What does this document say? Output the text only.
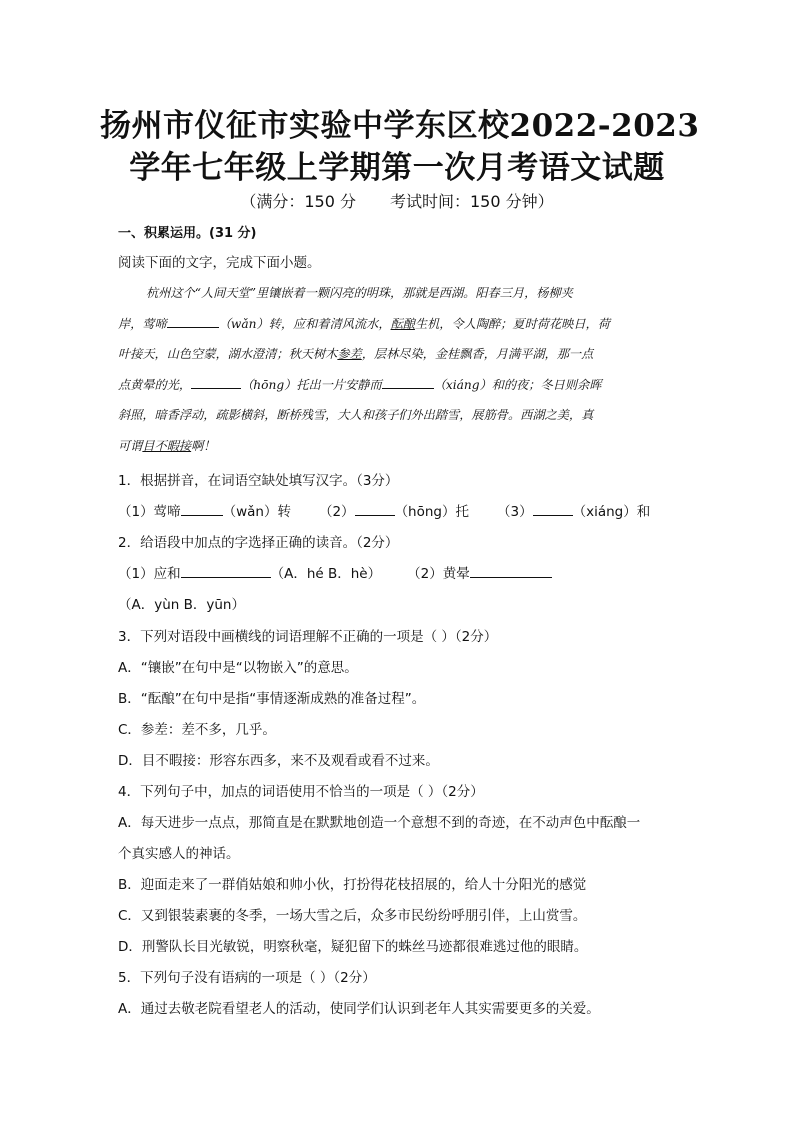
扬州市仪征市实验中学东区校2022-2023
学年七年级上学期第一次月考语文试题
（满分：150 分 考试时间：150 分钟）
一、积累运用。(31 分)
阅读下面的文字，完成下面小题。
杭州这个“人间天堂”里镶嵌着一颗闪亮的明珠，那就是西湖。阳春三月，杨柳夹
岸，莺啼	（wǎn）转，应和着清风流水，酝酿生机，令人陶醉；夏时荷花映日，荷
叶接天，山色空蒙，湖水澄清；秋天树木参差，层林尽染，金桂飘香，月满平湖，那一点
点黄晕的光，	（hōng）托出一片安静而	（xiáng）和的夜；冬日则余晖
斜照，暗香浮动，疏影横斜，断桥残雪，大人和孩子们外出踏雪，展筋骨。西湖之美，真
可谓目不暇接啊！
1．根据拼音，在词语空缺处填写汉字。（3分）
（1）莺啼	（wǎn）转 （2）	（hōng）托 （3）	（xiáng）和
2．给语段中加点的字选择正确的读音。（2分）
（1）应和	（A．hé B．hè） （2）黄晕
（A．yùn B．yūn）
3．下列对语段中画横线的词语理解不正确的一项是（ ）（2分）
A．“镶嵌”在句中是“以物嵌入”的意思。
B．“酝酿”在句中是指“事情逐渐成熟的准备过程”。
C．参差：差不多，几乎。
D．目不暇接：形容东西多，来不及观看或看不过来。
4．下列句子中，加点的词语使用不恰当的一项是（ ）（2分）
A．每天进步一点点，那简直是在默默地创造一个意想不到的奇迹，在不动声色中酝酿一
个真实感人的神话。
B．迎面走来了一群俏姑娘和帅小伙，打扮得花枝招展的，给人十分阳光的感觉
C．又到银装素裹的冬季，一场大雪之后，众多市民纷纷呼朋引伴，上山赏雪。
D．刑警队长目光敏锐，明察秋毫，疑犯留下的蛛丝马迹都很难逃过他的眼睛。
5．下列句子没有语病的一项是（ ）（2分）
A．通过去敬老院看望老人的活动，使同学们认识到老年人其实需要更多的关爱。
